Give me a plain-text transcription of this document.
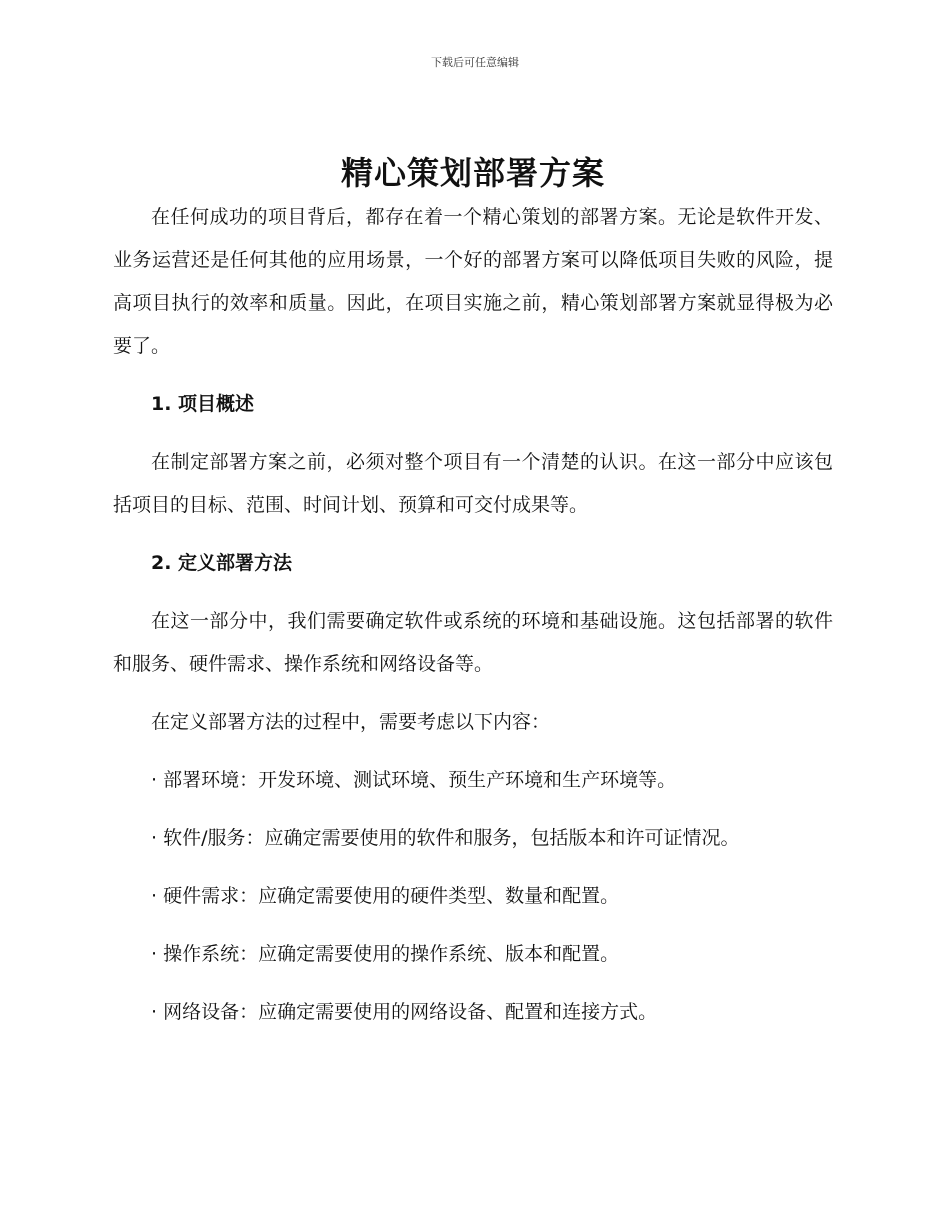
下载后可任意编辑
精心策划部署方案

在任何成功的项目背后，都存在着一个精心策划的部署方案。无论是软件开发、业务运营还是任何其他的应用场景，一个好的部署方案可以降低项目失败的风险，提高项目执行的效率和质量。因此，在项目实施之前，精心策划部署方案就显得极为必要了。

1. 项目概述

在制定部署方案之前，必须对整个项目有一个清楚的认识。在这一部分中应该包括项目的目标、范围、时间计划、预算和可交付成果等。

2. 定义部署方法

在这一部分中，我们需要确定软件或系统的环境和基础设施。这包括部署的软件和服务、硬件需求、操作系统和网络设备等。

在定义部署方法的过程中，需要考虑以下内容：
· 部署环境：开发环境、测试环境、预生产环境和生产环境等。
· 软件/服务：应确定需要使用的软件和服务，包括版本和许可证情况。
· 硬件需求：应确定需要使用的硬件类型、数量和配置。
· 操作系统：应确定需要使用的操作系统、版本和配置。
· 网络设备：应确定需要使用的网络设备、配置和连接方式。
